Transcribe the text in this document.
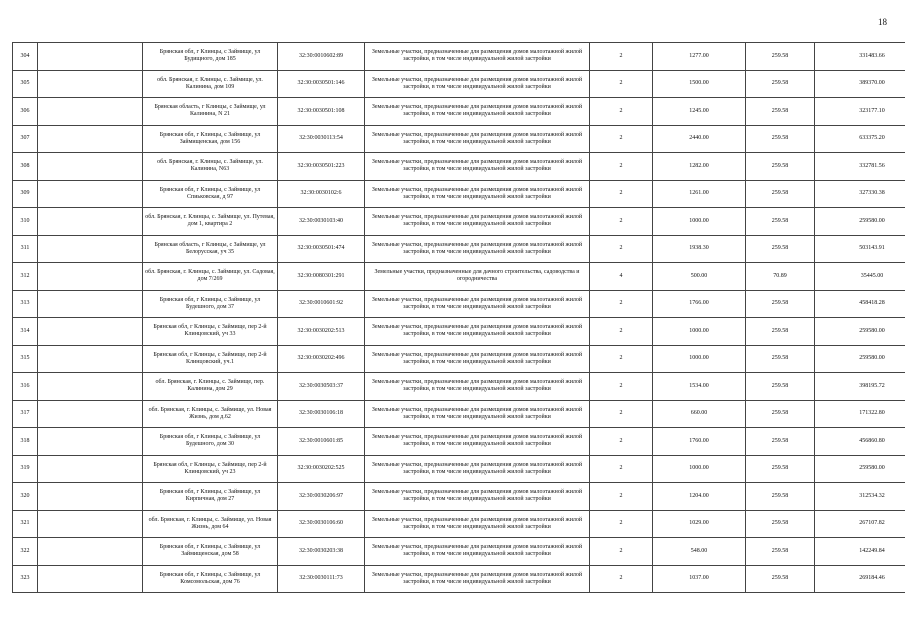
18
304		Брянская обл, г Клинцы, с Займище, ул Будищного, дом 185	32:30:0010602:89	Земельные участки, предназначенные для размещения домов малоэтажной жилой застройки, в том числе индивидуальной жилой застройки	2	1277.00	259.58	331483.66
305		обл. Брянская, г. Клинцы, с. Займище, ул. Калинина, дом 109	32:30:0030501:146	Земельные участки, предназначенные для размещения домов малоэтажной жилой застройки, в том числе индивидуальной жилой застройки	2	1500.00	259.58	389370.00
306		Брянская область, г Клинцы, с Займище, ул Калинина, N 21	32:30:0030501:108	Земельные участки, предназначенные для размещения домов малоэтажной жилой застройки, в том числе индивидуальной жилой застройки	2	1245.00	259.58	323177.10
307		Брянская обл, г Клинцы, с Займище, ул Займищенская, дом 156	32:30:0030113:54	Земельные участки, предназначенные для размещения домов малоэтажной жилой застройки, в том числе индивидуальной жилой застройки	2	2440.00	259.58	633375.20
308		обл. Брянская, г. Клинцы, с. Займище, ул. Калинина, N63	32:30:0030501:223	Земельные участки, предназначенные для размещения домов малоэтажной жилой застройки, в том числе индивидуальной жилой застройки	2	1282.00	259.58	332781.56
309		Брянская обл, г Клинцы, с Займище, ул Спиьковская, д 97	32:30:0030102:6	Земельные участки, предназначенные для размещения домов малоэтажной жилой застройки, в том числе индивидуальной жилой застройки	2	1261.00	259.58	327330.38
310		обл. Брянская, г. Клинцы, с. Займище, ул. Путевая, дом 1, квартира 2	32:30:0030103:40	Земельные участки, предназначенные для размещения домов малоэтажной жилой застройки, в том числе индивидуальной жилой застройки	2	1000.00	259.58	259580.00
311		Брянская область, г Клинцы, с Займище, ул Белорусская, уч 35	32:30:0030501:474	Земельные участки, предназначенные для размещения домов малоэтажной жилой застройки, в том числе индивидуальной жилой застройки	2	1938.30	259.58	503143.91
312		обл. Брянская, г. Клинцы, с. Займище, ул. Садовая, дом 7/269	32:30:0080301:291	Земельные участки, предназначенные для дачного строительства, садоводства и огородничества	4	500.00	70.89	35445.00
313		Брянская обл, г Клинцы, с Займище, ул Будешного, дом 37	32:30:0010601:92	Земельные участки, предназначенные для размещения домов малоэтажной жилой застройки, в том числе индивидуальной жилой застройки	2	1766.00	259.58	458418.28
314		Брянская обл, г Клинцы, с Займище, пер 2-й Клинцовский, уч 33	32:30:0030202:513	Земельные участки, предназначенные для размещения домов малоэтажной жилой застройки, в том числе индивидуальной жилой застройки	2	1000.00	259.58	259580.00
315		Брянская обл, г Клинцы, с Займище, пер 2-й Клинцовский, уч.1	32:30:0030202:496	Земельные участки, предназначенные для размещения домов малоэтажной жилой застройки, в том числе индивидуальной жилой застройки	2	1000.00	259.58	259580.00
316		обл. Брянская, г. Клинцы, с. Займище, пер. Калинина, дом 29	32:30:0030503:37	Земельные участки, предназначенные для размещения домов малоэтажной жилой застройки, в том числе индивидуальной жилой застройки	2	1534.00	259.58	398195.72
317		обл. Брянская, г. Клинцы, с. Займище, ул. Новая Жизнь, дом д.62	32:30:0030106:18	Земельные участки, предназначенные для размещения домов малоэтажной жилой застройки, в том числе индивидуальной жилой застройки	2	660.00	259.58	171322.80
318		Брянская обл, г Клинцы, с Займище, ул Будешного, дом 30	32:30:0010601:85	Земельные участки, предназначенные для размещения домов малоэтажной жилой застройки, в том числе индивидуальной жилой застройки	2	1760.00	259.58	456860.80
319		Брянская обл, г Клинцы, с Займище, пер 2-й Клинцовский, уч 23	32:30:0030202:525	Земельные участки, предназначенные для размещения домов малоэтажной жилой застройки, в том числе индивидуальной жилой застройки	2	1000.00	259.58	259580.00
320		Брянская обл, г Клинцы, с Займище, ул Кирпичная, дом 27	32:30:0030206:97	Земельные участки, предназначенные для размещения домов малоэтажной жилой застройки, в том числе индивидуальной жилой застройки	2	1204.00	259.58	312534.32
321		обл. Брянская, г. Клинцы, с. Займище, ул. Новая Жизнь, дом 64	32:30:0030106:60	Земельные участки, предназначенные для размещения домов малоэтажной жилой застройки, в том числе индивидуальной жилой застройки	2	1029.00	259.58	267107.82
322		Брянская обл, г Клинцы, с Займище, ул Займищенская, дом 58	32:30:0030203:38	Земельные участки, предназначенные для размещения домов малоэтажной жилой застройки, в том числе индивидуальной жилой застройки	2	548.00	259.58	142249.84
323		Брянская обл, г Клинцы, с Займище, ул Комсомольская, дом 76	32:30:0030111:73	Земельные участки, предназначенные для размещения домов малоэтажной жилой застройки, в том числе индивидуальной жилой застройки	2	1037.00	259.58	269184.46
